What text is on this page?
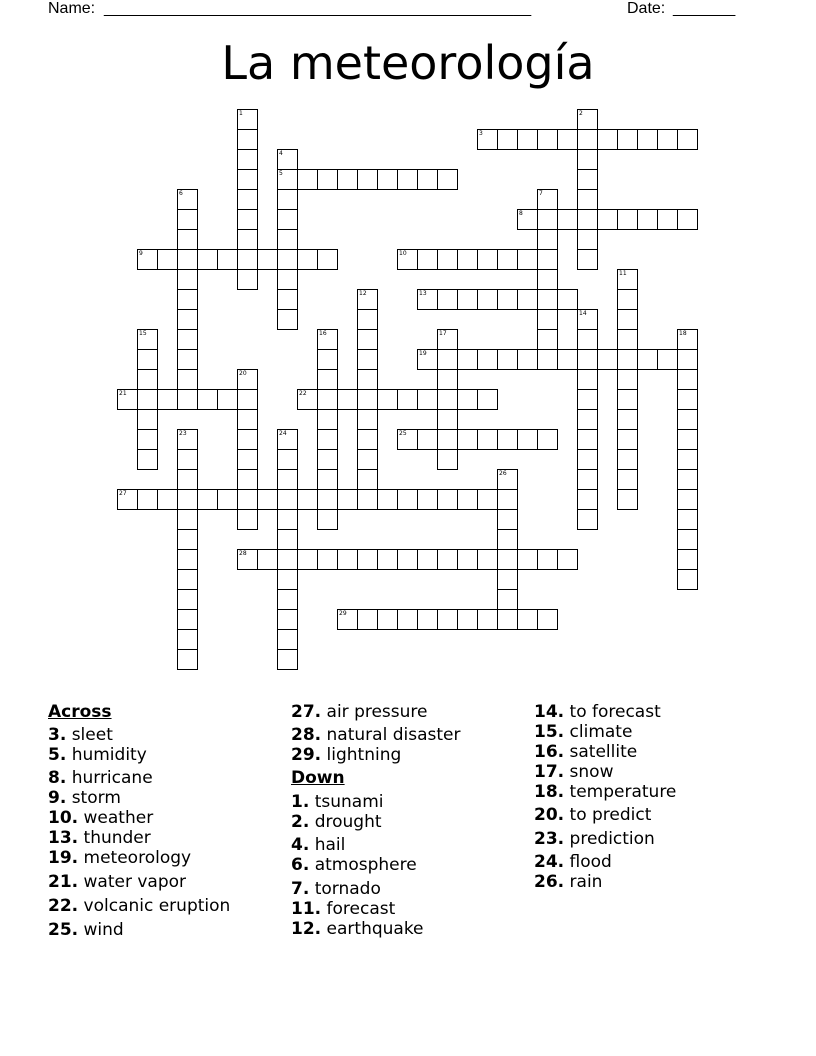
Name: ________________________________________________	Date: _______
La meteorología
3
5
8
9	10
13
19
21	22
25
27
28
29
1	2
4
6	7
11
12
14
15	16	17	18
20
23	24
26
Across
3. sleet
5. humidity
8. hurricane
9. storm
10. weather
13. thunder
19. meteorology
21. water vapor
22. volcanic eruption
25. wind
27. air pressure
28. natural disaster
29. lightning
Down
1. tsunami
2. drought
4. hail
6. atmosphere
7. tornado
11. forecast
12. earthquake
14. to forecast
15. climate
16. satellite
17. snow
18. temperature
20. to predict
23. prediction
24. flood
26. rain
